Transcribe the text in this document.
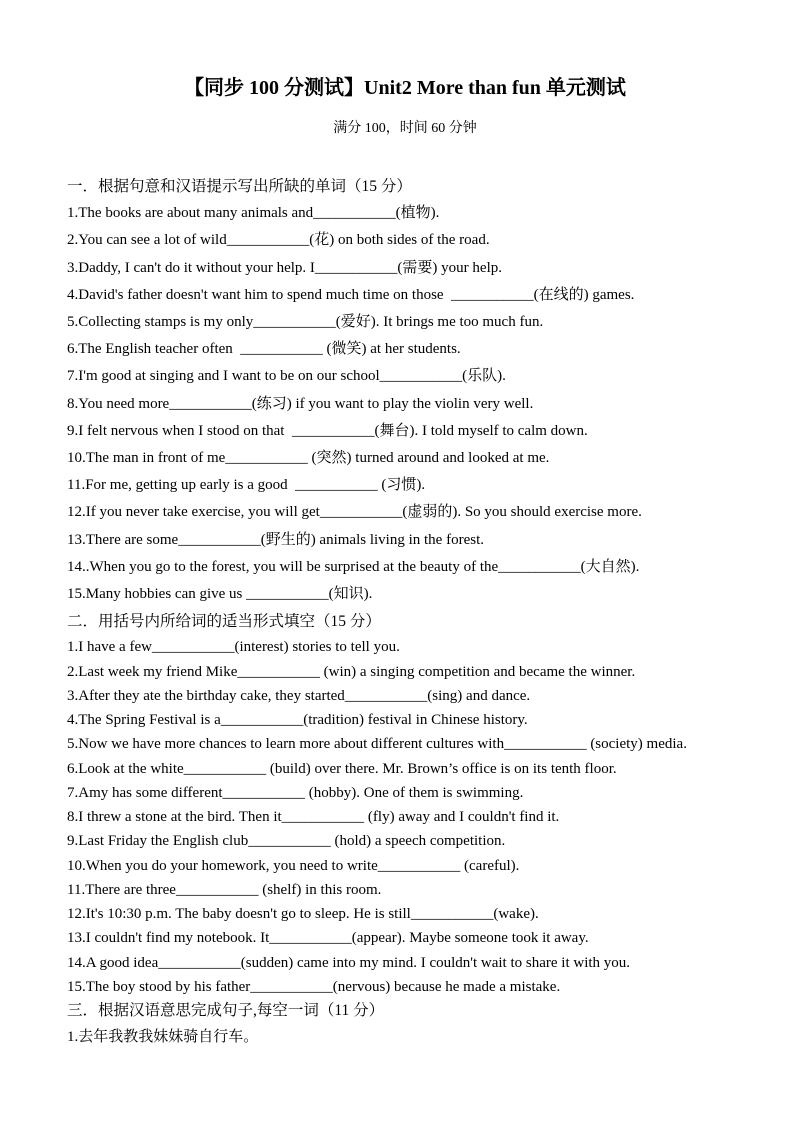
【同步 100 分测试】Unit2 More than fun 单元测试
满分 100，时间 60 分钟
一．根据句意和汉语提示写出所缺的单词（15 分）
1.The books are about many animals and___________(植物).
2.You can see a lot of wild___________(花) on both sides of the road.
3.Daddy, I can't do it without your help. I___________(需要) your help.
4.David's father doesn't want him to spend much time on those  ___________(在线的) games.
5.Collecting stamps is my only___________(爱好). It brings me too much fun.
6.The English teacher often  ___________ (微笑) at her students.
7.I'm good at singing and I want to be on our school___________(乐队).
8.You need more___________(练习) if you want to play the violin very well.
9.I felt nervous when I stood on that  ___________(舞台). I told myself to calm down.
10.The man in front of me___________ (突然) turned around and looked at me.
11.For me, getting up early is a good  ___________ (习惯).
12.If you never take exercise, you will get___________(虚弱的). So you should exercise more.
13.There are some___________(野生的) animals living in the forest.
14..When you go to the forest, you will be surprised at the beauty of the___________(大自然).
15.Many hobbies can give us ___________(知识).
二．用括号内所给词的适当形式填空（15 分）
1.I have a few___________(interest) stories to tell you.
2.Last week my friend Mike___________ (win) a singing competition and became the winner.
3.After they ate the birthday cake, they started___________(sing) and dance.
4.The Spring Festival is a___________(tradition) festival in Chinese history.
5.Now we have more chances to learn more about different cultures with___________ (society) media.
6.Look at the white___________ (build) over there. Mr. Brown’s office is on its tenth floor.
7.Amy has some different___________ (hobby). One of them is swimming.
8.I threw a stone at the bird. Then it___________ (fly) away and I couldn't find it.
9.Last Friday the English club___________ (hold) a speech competition.
10.When you do your homework, you need to write___________ (careful).
11.There are three___________ (shelf) in this room.
12.It's 10:30 p.m. The baby doesn't go to sleep. He is still___________(wake).
13.I couldn't find my notebook. It___________(appear). Maybe someone took it away.
14.A good idea___________(sudden) came into my mind. I couldn't wait to share it with you.
15.The boy stood by his father___________(nervous) because he made a mistake.
三．根据汉语意思完成句子,每空一词（11 分）
1.去年我教我妹妹骑自行车。
